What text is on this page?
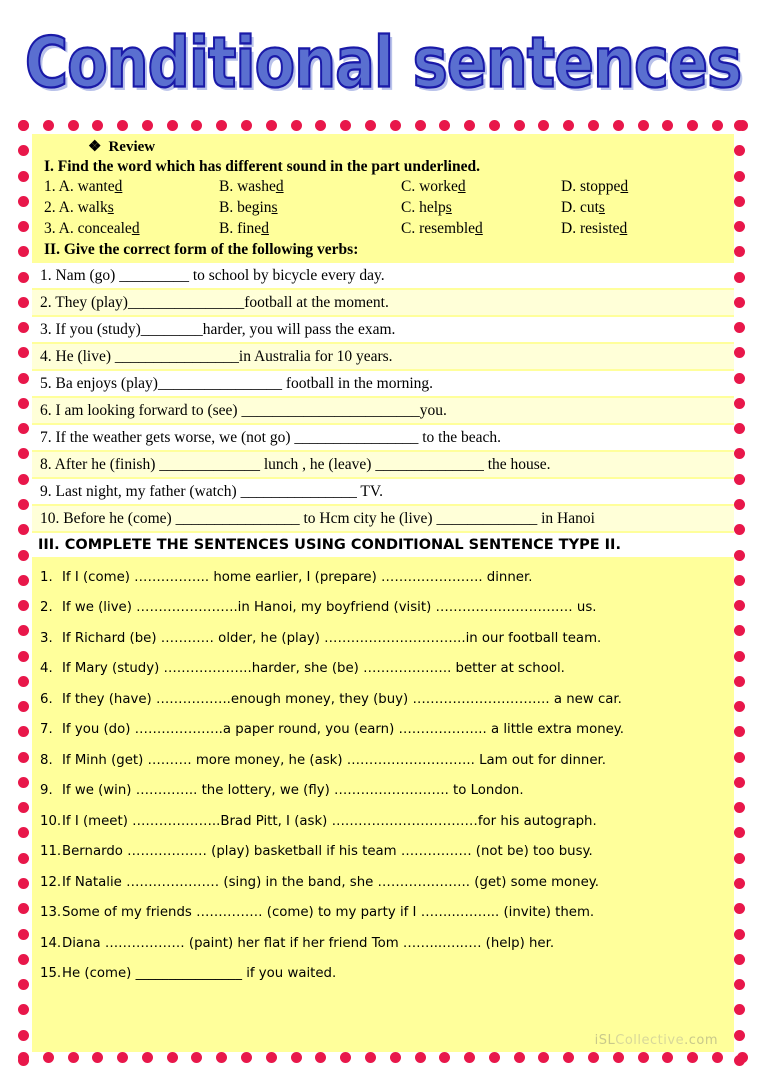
Conditional sentences
❖ Review
I. Find the word which has different sound in the part underlined.
1. A. wanted	B. washed	C. worked	D. stopped
2. A. walks	B. begins	C. helps	D. cuts
3. A. concealed	B. fined	C. resembled	D. resisted
II. Give the correct form of the following verbs:
1. Nam (go) _________ to school by bicycle every day.
2. They (play)_______________football at the moment.
3. If you (study)________harder, you will pass the exam.
4. He (live) ________________in Australia for 10 years.
5. Ba enjoys (play)________________ football in the morning.
6. I am looking forward to (see) _______________________you.
7. If the weather gets worse, we (not go) ________________ to the beach.
8. After he (finish) _____________ lunch , he (leave) ______________ the house.
9. Last night, my father (watch) _______________ TV.
10. Before he (come) ________________ to Hcm city he (live) _____________ in Hanoi
III. COMPLETE THE SENTENCES USING CONDITIONAL SENTENCE TYPE II.
1. If I (come) …………….. home earlier, I (prepare) ………………….. dinner.
2. If we (live) …………………..in Hanoi, my boyfriend (visit) ……………………….… us.
3. If Richard (be) ………… older, he (play) …………………………..in our football team.
4. If Mary (study) ………………..harder, she (be) ……………….. better at school.
6. If they (have) ……………..enough money, they (buy) …………………………. a new car.
7. If you (do) ………………..a paper round, you (earn) ……………….. a little extra money.
8. If Minh (get) ………. more money, he (ask) ……………………….. Lam out for dinner.
9. If we (win) ………….. the lottery, we (fly) …………………….. to London.
10.If I (meet) ………………..Brad Pitt, I (ask) ……………………………for his autograph.
11.Bernardo ……………… (play) basketball if his team ……………. (not be) too busy.
12.If Natalie ………………… (sing) in the band, she ………….…….. (get) some money.
13.Some of my friends …………… (come) to my party if I ……...……... (invite) them.
14.Diana ……………… (paint) her flat if her friend Tom ……...…..…. (help) her.
15.He (come) ________________ if you waited.
iSLCollective.com
